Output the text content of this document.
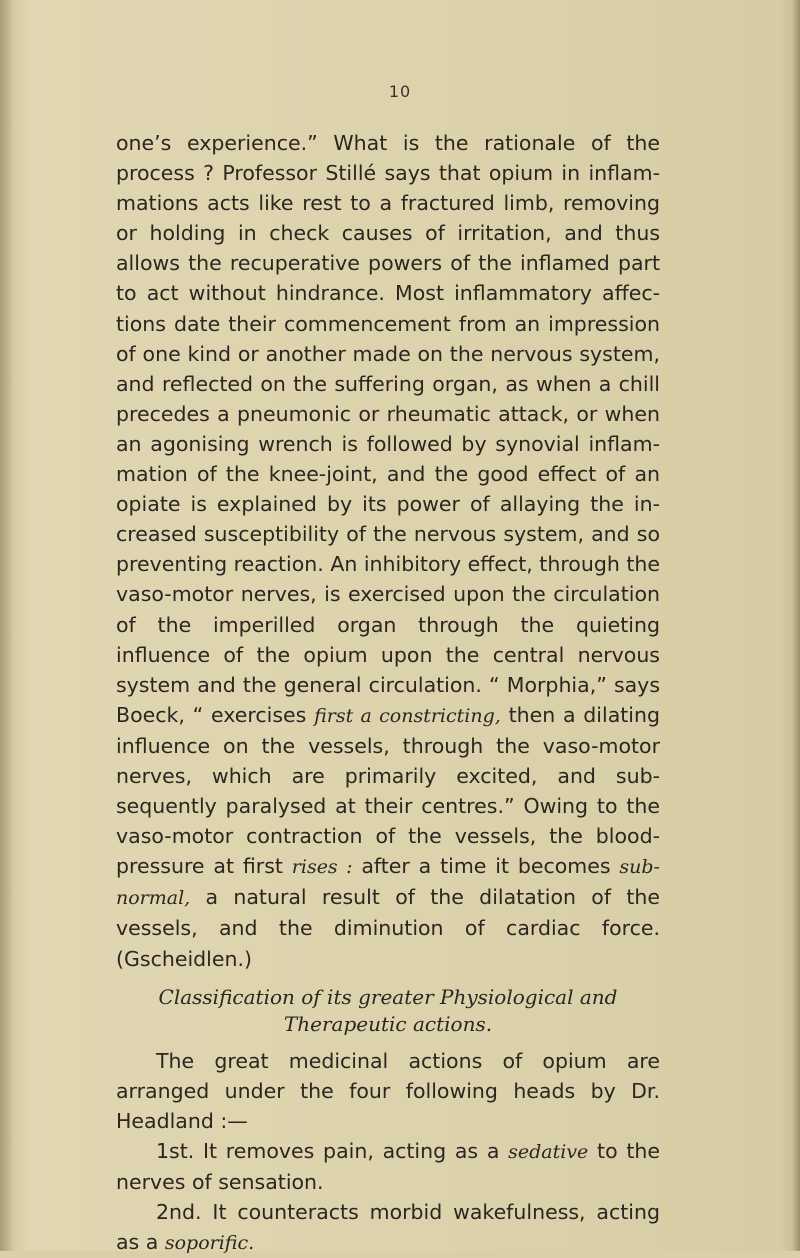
10

one’s experience.” What is the rationale of the process ? Professor Stillé says that opium in inflammations acts like rest to a fractured limb, removing or holding in check causes of irritation, and thus allows the recuperative powers of the inflamed part to act without hindrance. Most inflammatory affections date their commencement from an impression of one kind or another made on the nervous system, and reflected on the suffering organ, as when a chill precedes a pneumonic or rheumatic attack, or when an agonising wrench is followed by synovial inflammation of the knee-joint, and the good effect of an opiate is explained by its power of allaying the increased susceptibility of the nervous system, and so preventing reaction. An inhibitory effect, through the vaso-motor nerves, is exercised upon the circulation of the imperilled organ through the quieting influence of the opium upon the central nervous system and the general circulation. “ Morphia,” says Boeck, “ exercises first a constricting, then a dilating influence on the vessels, through the vaso-motor nerves, which are primarily excited, and subsequently paralysed at their centres.” Owing to the vaso-motor contraction of the vessels, the blood-pressure at first rises : after a time it becomes sub-normal, a natural result of the dilatation of the vessels, and the diminution of cardiac force. (Gscheidlen.)

Classification of its greater Physiological and
Therapeutic actions.

The great medicinal actions of opium are arranged under the four following heads by Dr. Headland :—

1st. It removes pain, acting as a sedative to the nerves of sensation.

2nd. It counteracts morbid wakefulness, acting as a soporific.
